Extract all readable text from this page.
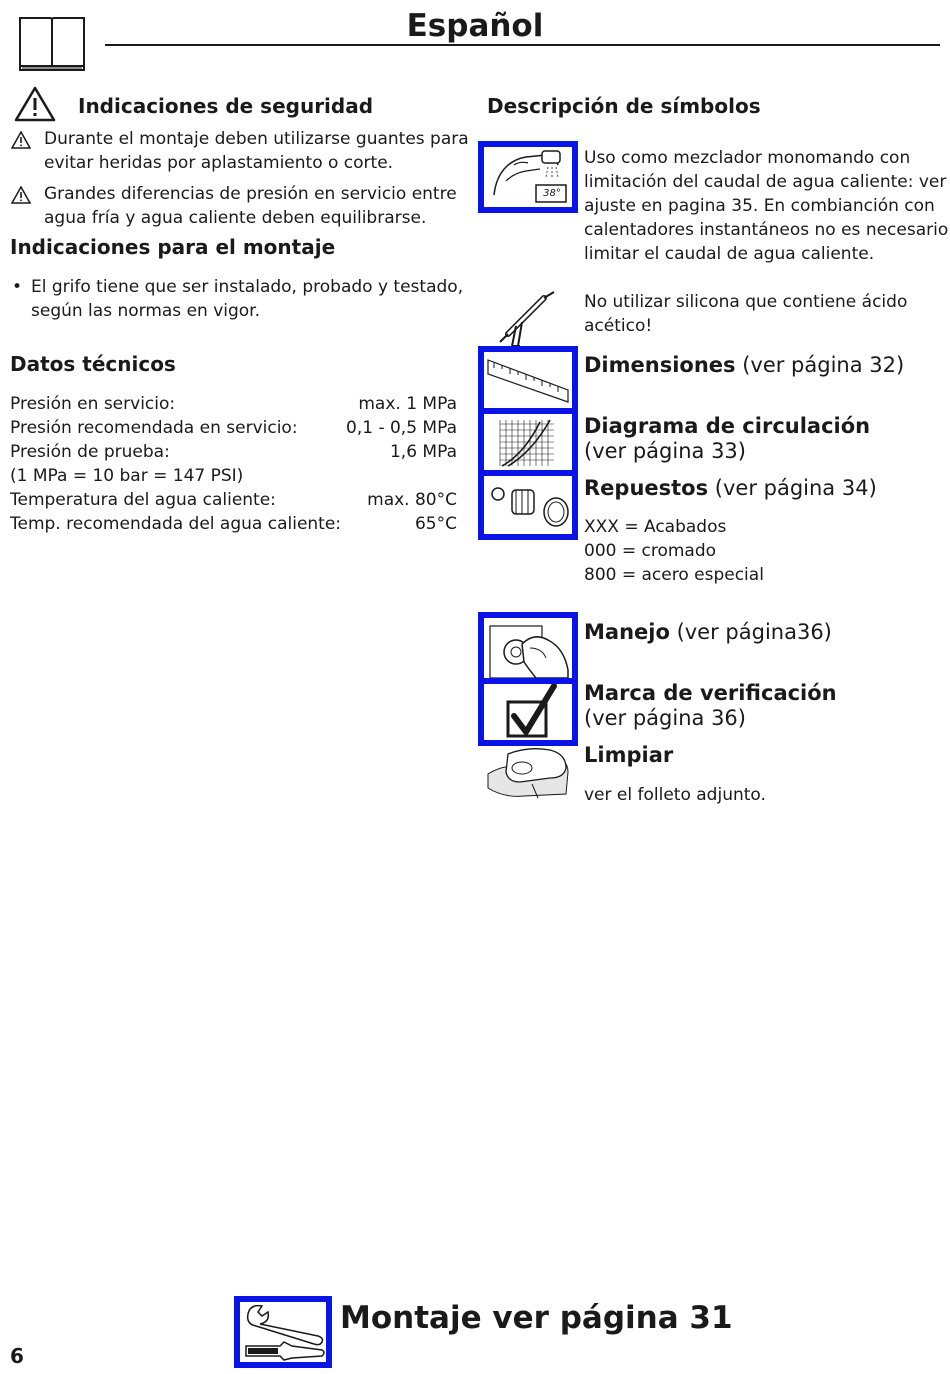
Español
Indicaciones de seguridad
Durante el montaje deben utilizarse guantes para
evitar heridas por aplastamiento o corte.
Grandes diferencias de presión en servicio entre
agua fría y agua caliente deben equilibrarse.
Indicaciones para el montaje
• El grifo tiene que ser instalado, probado y testado,
según las normas en vigor.
Datos técnicos
Presión en servicio:	max. 1 MPa
Presión recomendada en servicio:	0,1 - 0,5 MPa
Presión de prueba:	1,6 MPa
(1 MPa = 10 bar = 147 PSI)
Temperatura del agua caliente:	max. 80°C
Temp. recomendada del agua caliente:	65°C
Descripción de símbolos
38°
Uso como mezclador monomando con
limitación del caudal de agua caliente: ver
ajuste en pagina 35. En combianción con
calentadores instantáneos no es necesario
limitar el caudal de agua caliente.
No utilizar silicona que contiene ácido
acético!
Dimensiones (ver página 32)
Diagrama de circulación
(ver página 33)
Repuestos (ver página 34)
XXX = Acabados
000 = cromado
800 = acero especial
Manejo (ver página36)
Marca de verificación
(ver página 36)
Limpiar
ver el folleto adjunto.
6
Montaje ver página 31
